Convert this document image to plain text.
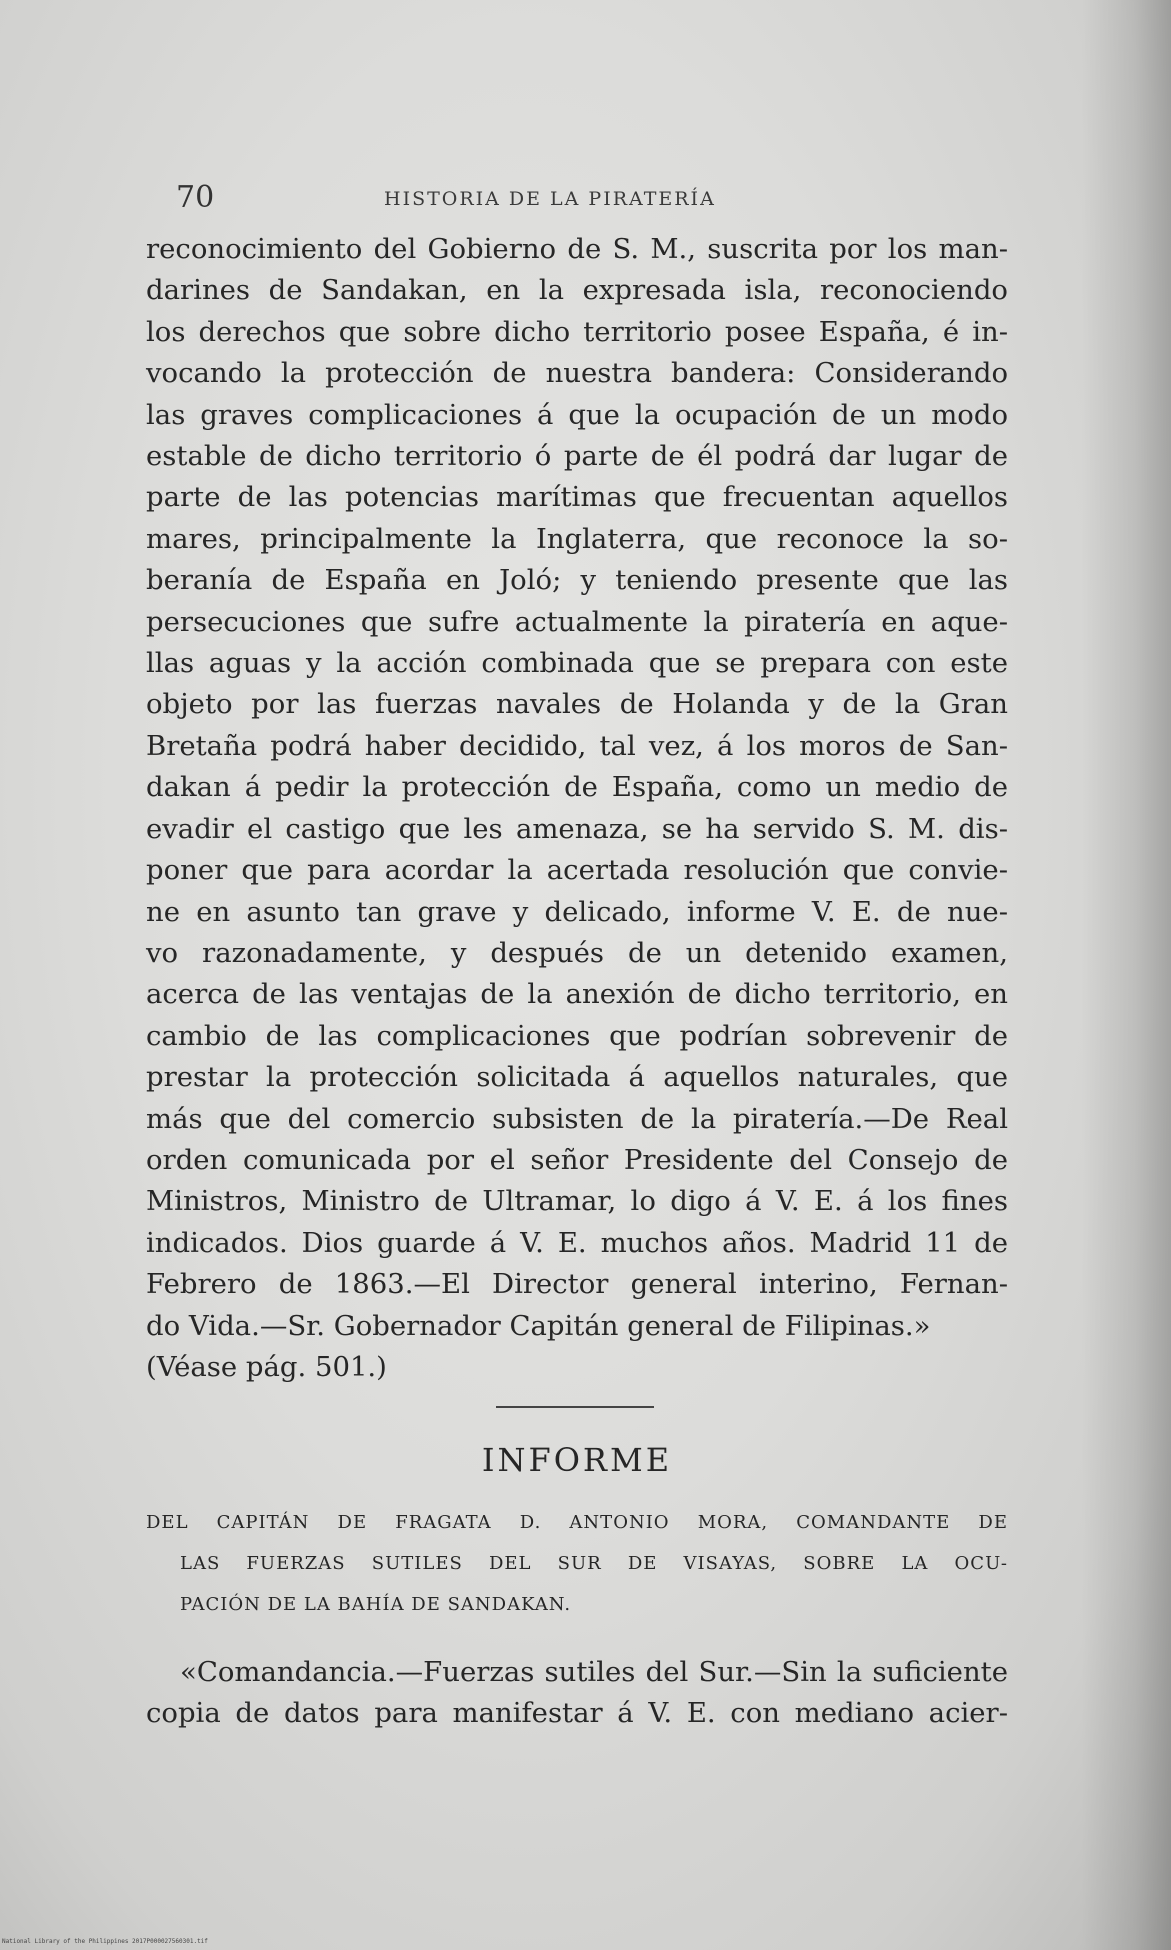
70	HISTORIA DE LA PIRATERÍA
reconocimiento del Gobierno de S. M., suscrita por los man-
darines de Sandakan, en la expresada isla, reconociendo
los derechos que sobre dicho territorio posee España, é in-
vocando la protección de nuestra bandera: Considerando
las graves complicaciones á que la ocupación de un modo
estable de dicho territorio ó parte de él podrá dar lugar de
parte de las potencias marítimas que frecuentan aquellos
mares, principalmente la Inglaterra, que reconoce la so-
beranía de España en Joló; y teniendo presente que las
persecuciones que sufre actualmente la piratería en aque-
llas aguas y la acción combinada que se prepara con este
objeto por las fuerzas navales de Holanda y de la Gran
Bretaña podrá haber decidido, tal vez, á los moros de San-
dakan á pedir la protección de España, como un medio de
evadir el castigo que les amenaza, se ha servido S. M. dis-
poner que para acordar la acertada resolución que convie-
ne en asunto tan grave y delicado, informe V. E. de nue-
vo razonadamente, y después de un detenido examen,
acerca de las ventajas de la anexión de dicho territorio, en
cambio de las complicaciones que podrían sobrevenir de
prestar la protección solicitada á aquellos naturales, que
más que del comercio subsisten de la piratería.—De Real
orden comunicada por el señor Presidente del Consejo de
Ministros, Ministro de Ultramar, lo digo á V. E. á los fines
indicados. Dios guarde á V. E. muchos años. Madrid 11 de
Febrero de 1863.—El Director general interino, Fernan-
do Vida.—Sr. Gobernador Capitán general de Filipinas.»
(Véase pág. 501.)
INFORME
DEL CAPITÁN DE FRAGATA D. ANTONIO MORA, COMANDANTE DE
LAS FUERZAS SUTILES DEL SUR DE VISAYAS, SOBRE LA OCU-
PACIÓN DE LA BAHÍA DE SANDAKAN.
«Comandancia.—Fuerzas sutiles del Sur.—Sin la suficiente
copia de datos para manifestar á V. E. con mediano acier-
National Library of the Philippines 2017P000027560301.tif
